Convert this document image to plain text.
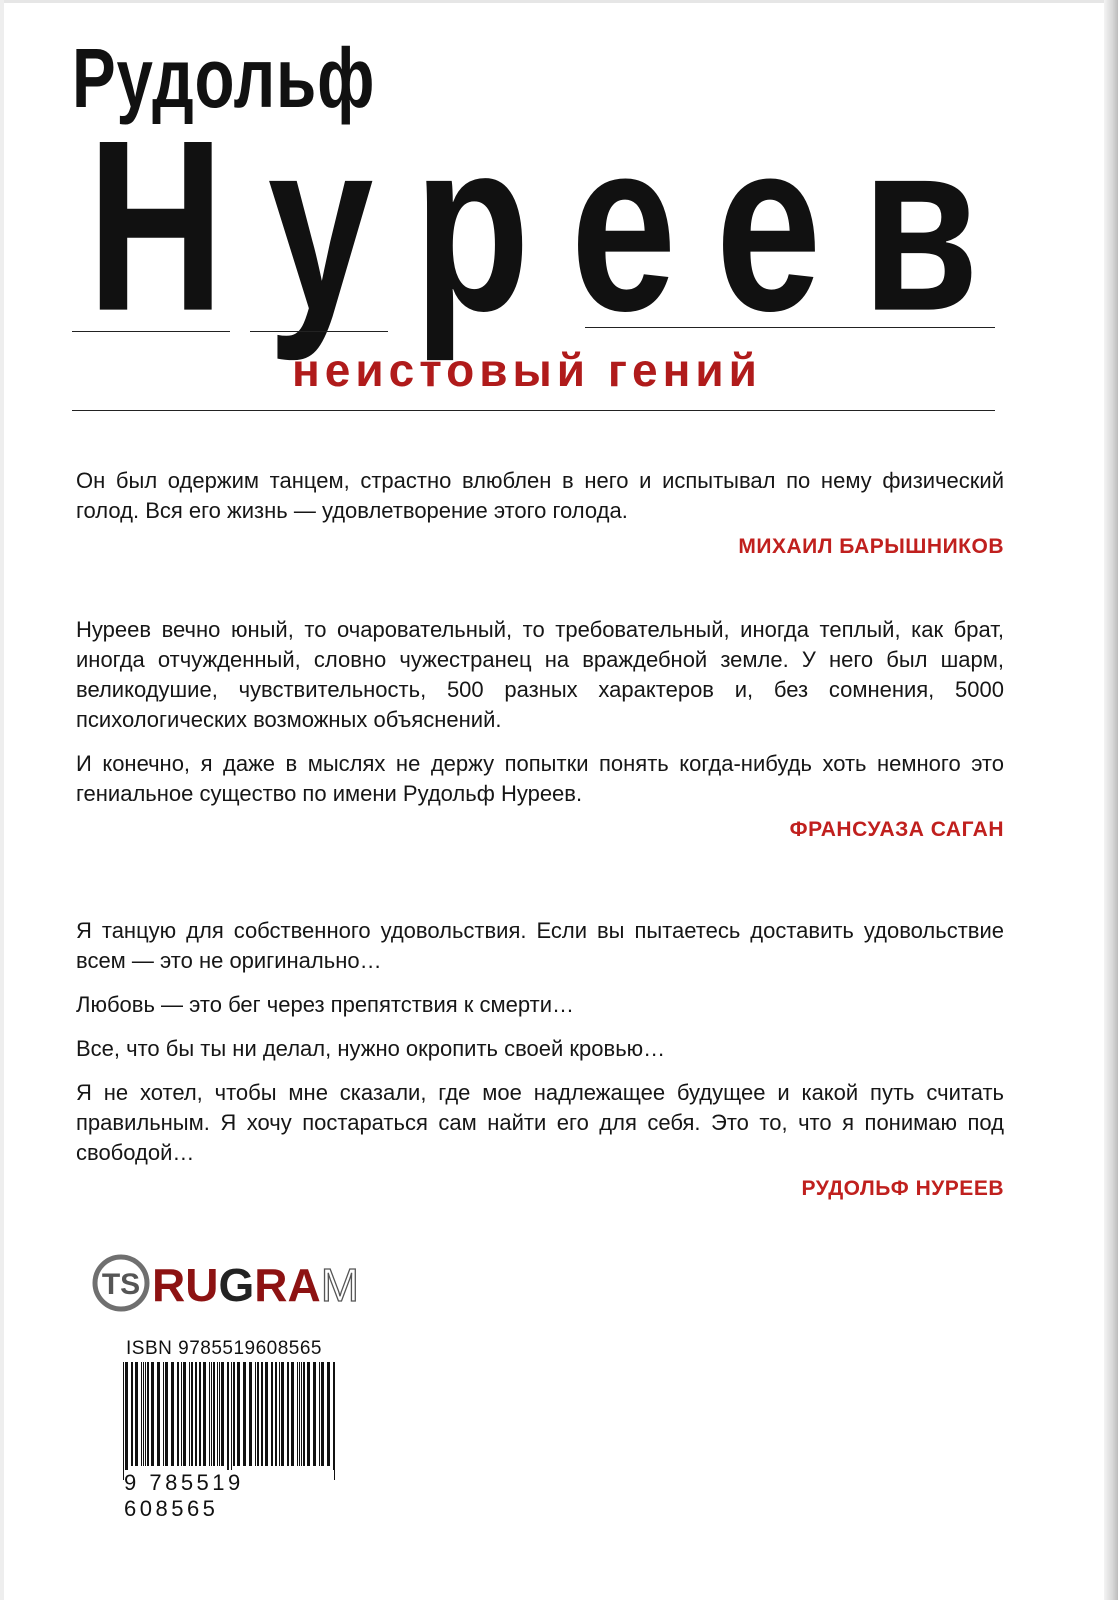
Рудольф
Н у р е е в
неистовый гений

Он был одержим танцем, страстно влюблен в него и испытывал по нему физический голод. Вся его жизнь — удовлетворение этого голода.

МИХАИЛ БАРЫШНИКОВ

Нуреев вечно юный, то очаровательный, то требовательный, иногда теплый, как брат, иногда отчужденный, словно чужестранец на враждебной земле. У него был шарм, великодушие, чувствительность, 500 разных характеров и, без сомнения, 5000 психологических возможных объяснений.

И конечно, я даже в мыслях не держу попытки понять когда-нибудь хоть немного это гениальное существо по имени Рудольф Нуреев.

ФРАНСУАЗА САГАН

Я танцую для собственного удовольствия. Если вы пытаетесь доставить удовольствие всем — это не оригинально…

Любовь — это бег через препятствия к смерти…

Все, что бы ты ни делал, нужно окропить своей кровью…

Я не хотел, чтобы мне сказали, где мое надлежащее будущее и какой путь считать правильным. Я хочу постараться сам найти его для себя. Это то, что я понимаю под свободой…

РУДОЛЬФ НУРЕЕВ
TS RUGRAM
ISBN 9785519608565
9 785519 608565
